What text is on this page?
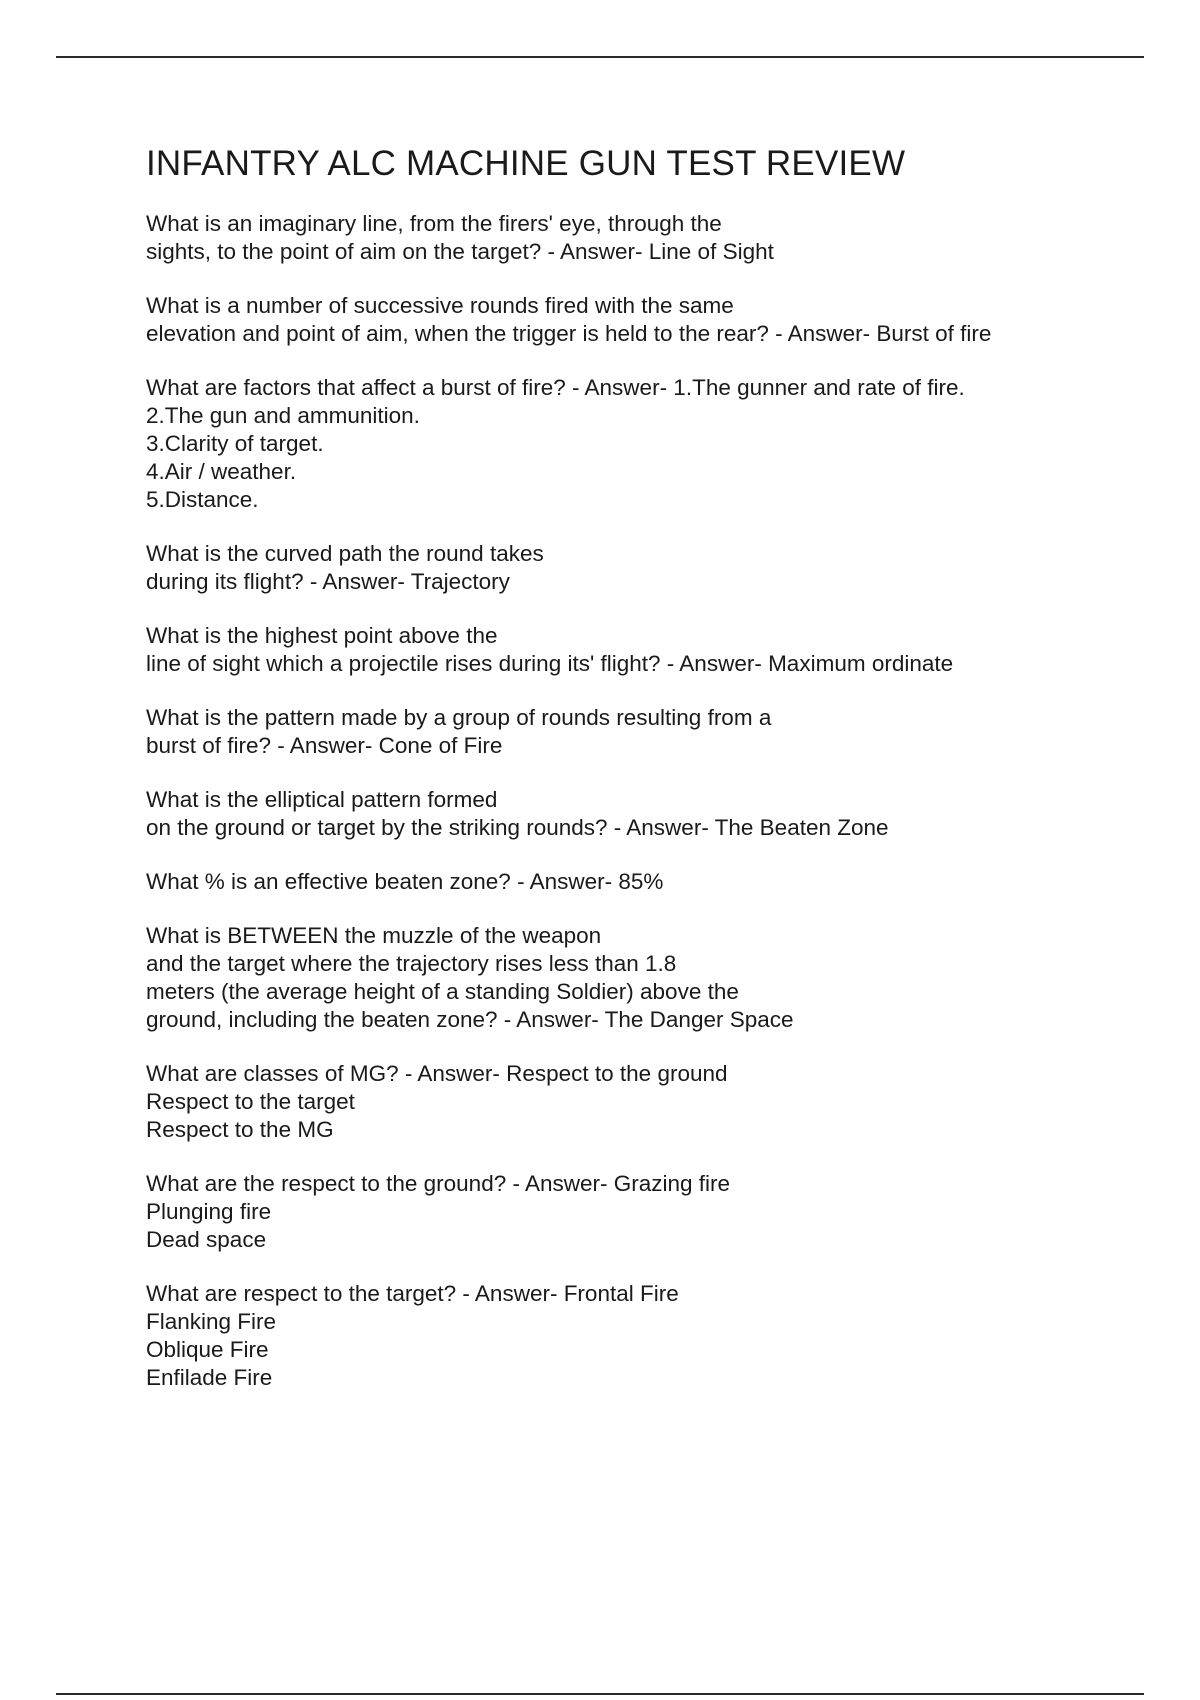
INFANTRY ALC MACHINE GUN TEST REVIEW
What is an imaginary line, from the firers' eye, through the
sights, to the point of aim on the target? - Answer- Line of Sight
What is a number of successive rounds fired with the same
elevation and point of aim, when the trigger is held to the rear? - Answer- Burst of fire
What are factors that affect a burst of fire? - Answer- 1.The gunner and rate of fire.
2.The gun and ammunition.
3.Clarity of target.
4.Air / weather.
5.Distance.
What is the curved path the round takes
during its flight? - Answer- Trajectory
What is the highest point above the
line of sight which a projectile rises during its' flight? - Answer- Maximum ordinate
What is the pattern made by a group of rounds resulting from a
burst of fire? - Answer- Cone of Fire
What is the elliptical pattern formed
on the ground or target by the striking rounds? - Answer- The Beaten Zone
What % is an effective beaten zone? - Answer- 85%
What is BETWEEN the muzzle of the weapon
and the target where the trajectory rises less than 1.8
meters (the average height of a standing Soldier) above the
ground, including the beaten zone? - Answer- The Danger Space
What are classes of MG? - Answer- Respect to the ground
Respect to the target
Respect to the MG
What are the respect to the ground? - Answer- Grazing fire
Plunging fire
Dead space
What are respect to the target? - Answer- Frontal Fire
Flanking Fire
Oblique Fire
Enfilade Fire
